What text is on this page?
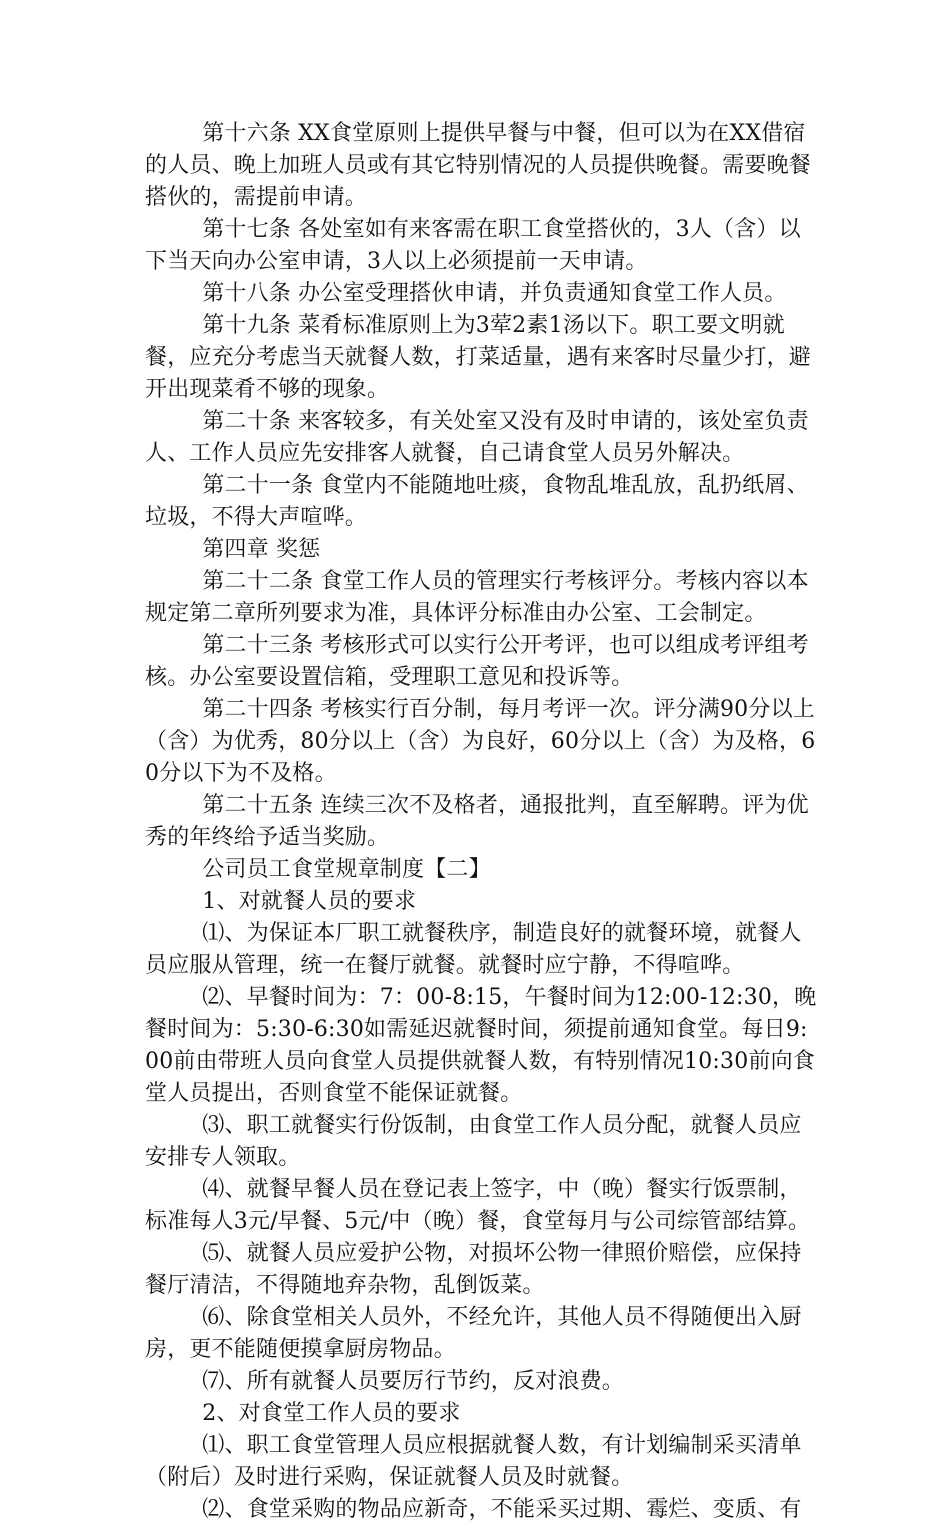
第十六条 XX食堂原则上提供早餐与中餐，但可以为在XX借宿的人员、晚上加班人员或有其它特别情况的人员提供晚餐。需要晚餐搭伙的，需提前申请。

第十七条 各处室如有来客需在职工食堂搭伙的，3人（含）以下当天向办公室申请，3人以上必须提前一天申请。

第十八条 办公室受理搭伙申请，并负责通知食堂工作人员。

第十九条 菜肴标准原则上为3荤2素1汤以下。职工要文明就餐，应充分考虑当天就餐人数，打菜适量，遇有来客时尽量少打，避开出现菜肴不够的现象。

第二十条 来客较多，有关处室又没有及时申请的，该处室负责人、工作人员应先安排客人就餐，自己请食堂人员另外解决。

第二十一条 食堂内不能随地吐痰，食物乱堆乱放，乱扔纸屑、垃圾，不得大声喧哗。

第四章 奖惩

第二十二条 食堂工作人员的管理实行考核评分。考核内容以本规定第二章所列要求为准，具体评分标准由办公室、工会制定。

第二十三条 考核形式可以实行公开考评，也可以组成考评组考核。办公室要设置信箱，受理职工意见和投诉等。

第二十四条 考核实行百分制，每月考评一次。评分满90分以上（含）为优秀，80分以上（含）为良好，60分以上（含）为及格，60分以下为不及格。

第二十五条 连续三次不及格者，通报批判，直至解聘。评为优秀的年终给予适当奖励。

公司员工食堂规章制度【二】

1、对就餐人员的要求

⑴、为保证本厂职工就餐秩序，制造良好的就餐环境，就餐人员应服从管理，统一在餐厅就餐。就餐时应宁静，不得喧哗。

⑵、早餐时间为：7：00-8:15，午餐时间为12:00-12:30，晚餐时间为：5:30-6:30如需延迟就餐时间，须提前通知食堂。每日9:00前由带班人员向食堂人员提供就餐人数，有特别情况10:30前向食堂人员提出，否则食堂不能保证就餐。

⑶、职工就餐实行份饭制，由食堂工作人员分配，就餐人员应安排专人领取。

⑷、就餐早餐人员在登记表上签字，中（晚）餐实行饭票制，标准每人3元/早餐、5元/中（晚）餐，食堂每月与公司综管部结算。

⑸、就餐人员应爱护公物，对损坏公物一律照价赔偿，应保持餐厅清洁，不得随地弃杂物，乱倒饭菜。

⑹、除食堂相关人员外，不经允许，其他人员不得随便出入厨房，更不能随便摸拿厨房物品。

⑺、所有就餐人员要厉行节约，反对浪费。

2、对食堂工作人员的要求

⑴、职工食堂管理人员应根据就餐人数，有计划编制采买清单（附后）及时进行采购，保证就餐人员及时就餐。

⑵、食堂采购的物品应新奇，不能采买过期、霉烂、变质、有
